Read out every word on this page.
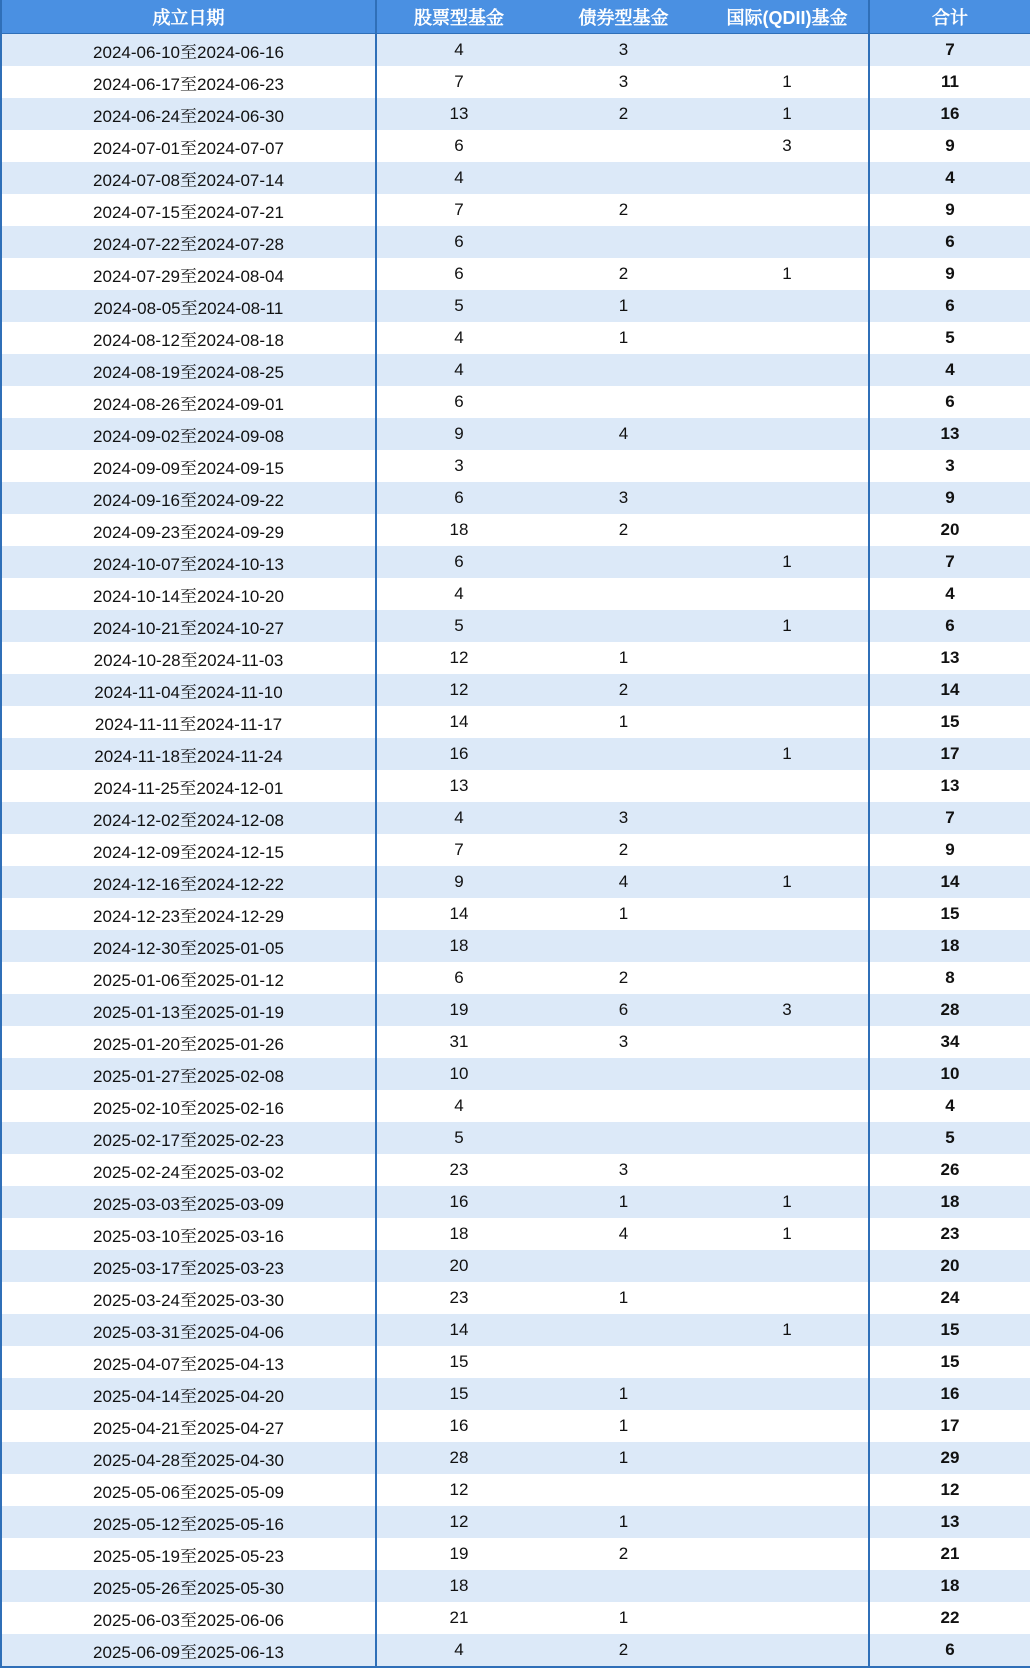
成立日期	股票型基金	债券型基金	国际(QDII)基金	合计
2024-06-10至2024-06-16	4	3		7
2024-06-17至2024-06-23	7	3	1	11
2024-06-24至2024-06-30	13	2	1	16
2024-07-01至2024-07-07	6		3	9
2024-07-08至2024-07-14	4			4
2024-07-15至2024-07-21	7	2		9
2024-07-22至2024-07-28	6			6
2024-07-29至2024-08-04	6	2	1	9
2024-08-05至2024-08-11	5	1		6
2024-08-12至2024-08-18	4	1		5
2024-08-19至2024-08-25	4			4
2024-08-26至2024-09-01	6			6
2024-09-02至2024-09-08	9	4		13
2024-09-09至2024-09-15	3			3
2024-09-16至2024-09-22	6	3		9
2024-09-23至2024-09-29	18	2		20
2024-10-07至2024-10-13	6		1	7
2024-10-14至2024-10-20	4			4
2024-10-21至2024-10-27	5		1	6
2024-10-28至2024-11-03	12	1		13
2024-11-04至2024-11-10	12	2		14
2024-11-11至2024-11-17	14	1		15
2024-11-18至2024-11-24	16		1	17
2024-11-25至2024-12-01	13			13
2024-12-02至2024-12-08	4	3		7
2024-12-09至2024-12-15	7	2		9
2024-12-16至2024-12-22	9	4	1	14
2024-12-23至2024-12-29	14	1		15
2024-12-30至2025-01-05	18			18
2025-01-06至2025-01-12	6	2		8
2025-01-13至2025-01-19	19	6	3	28
2025-01-20至2025-01-26	31	3		34
2025-01-27至2025-02-08	10			10
2025-02-10至2025-02-16	4			4
2025-02-17至2025-02-23	5			5
2025-02-24至2025-03-02	23	3		26
2025-03-03至2025-03-09	16	1	1	18
2025-03-10至2025-03-16	18	4	1	23
2025-03-17至2025-03-23	20			20
2025-03-24至2025-03-30	23	1		24
2025-03-31至2025-04-06	14		1	15
2025-04-07至2025-04-13	15			15
2025-04-14至2025-04-20	15	1		16
2025-04-21至2025-04-27	16	1		17
2025-04-28至2025-04-30	28	1		29
2025-05-06至2025-05-09	12			12
2025-05-12至2025-05-16	12	1		13
2025-05-19至2025-05-23	19	2		21
2025-05-26至2025-05-30	18			18
2025-06-03至2025-06-06	21	1		22
2025-06-09至2025-06-13	4	2		6
